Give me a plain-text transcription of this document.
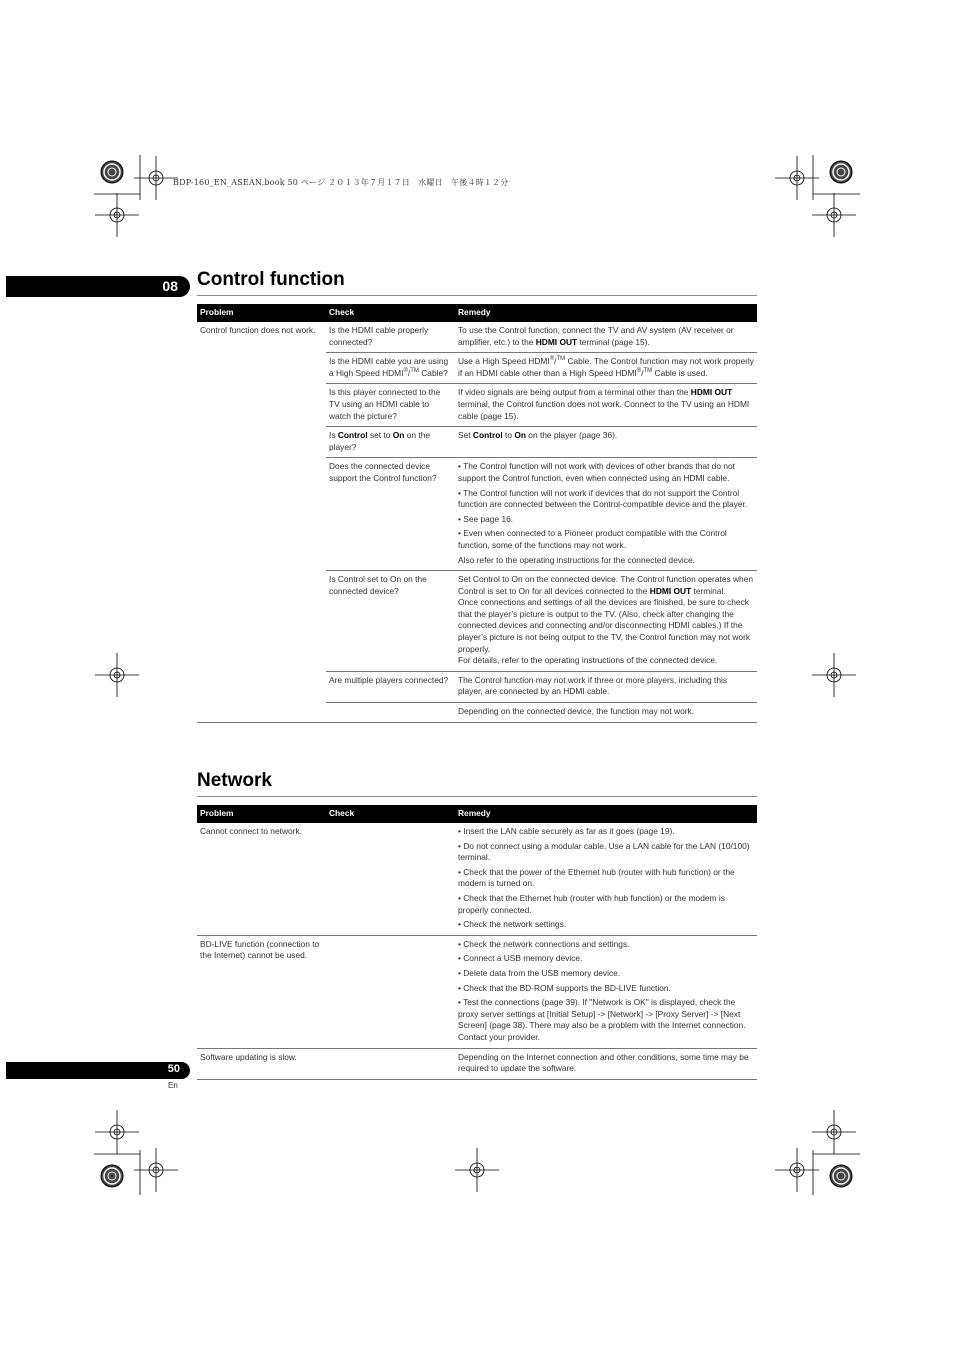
BDP-160_EN_ASEAN.book 50 ページ ２０１３年７月１７日　水曜日　午後４時１２分
08 Control function
Problem	Check	Remedy
Control function does not work.	Is the HDMI cable properly connected?	To use the Control function, connect the TV and AV system (AV receiver or amplifier, etc.) to the HDMI OUT terminal (page 15).
	Is the HDMI cable you are using a High Speed HDMI®/™ Cable?	Use a High Speed HDMI®/™ Cable. The Control function may not work properly if an HDMI cable other than a High Speed HDMI®/™ Cable is used.
	Is this player connected to the TV using an HDMI cable to watch the picture?	If video signals are being output from a terminal other than the HDMI OUT terminal, the Control function does not work. Connect to the TV using an HDMI cable (page 15).
	Is Control set to On on the player?	Set Control to On on the player (page 36).
	Does the connected device support the Control function?	• The Control function will not work with devices of other brands that do not support the Control function, even when connected using an HDMI cable.

• The Control function will not work if devices that do not support the Control function are connected between the Control-compatible device and the player.

• See page 16.

• Even when connected to a Pioneer product compatible with the Control function, some of the functions may not work.

Also refer to the operating instructions for the connected device.

	Is Control set to On on the connected device?	Set Control to On on the connected device. The Control function operates when Control is set to On for all devices connected to the HDMI OUT terminal.
Once connections and settings of all the devices are finished, be sure to check that the player’s picture is output to the TV. (Also, check after changing the connected devices and connecting and/or disconnecting HDMI cables.) If the player’s picture is not being output to the TV, the Control function may not work properly.
For details, refer to the operating instructions of the connected device.
	Are multiple players connected?	The Control function may not work if three or more players, including this player, are connected by an HDMI cable.
		Depending on the connected device, the function may not work.
Network
Problem	Check	Remedy
Cannot connect to network.		• Insert the LAN cable securely as far as it goes (page 19).

• Do not connect using a modular cable. Use a LAN cable for the LAN (10/100) terminal.

• Check that the power of the Ethernet hub (router with hub function) or the modem is turned on.

• Check that the Ethernet hub (router with hub function) or the modem is properly connected.

• Check the network settings.

BD-LIVE function (connection to the Internet) cannot be used.		• Check the network connections and settings.

• Connect a USB memory device.

• Delete data from the USB memory device.

• Check that the BD-ROM supports the BD-LIVE function.

• Test the connections (page 39). If "Network is OK" is displayed, check the proxy server settings at [Initial Setup] -> [Network] -> [Proxy Server] -> [Next Screen] (page 38). There may also be a problem with the Internet connection. Contact your provider.

Software updating is slow.		Depending on the Internet connection and other conditions, some time may be required to update the software.
50
En
